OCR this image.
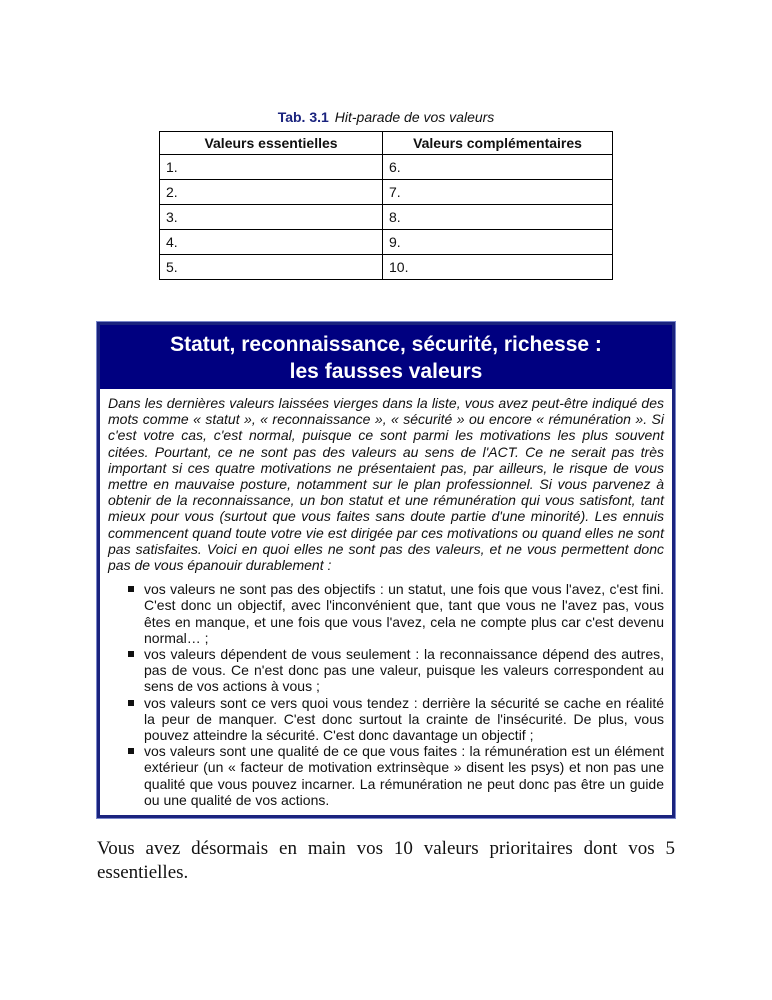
Tab. 3.1 Hit-parade de vos valeurs
Valeurs essentielles	Valeurs complémentaires
1.	6.
2.	7.
3.	8.
4.	9.
5.	10.
Statut, reconnaissance, sécurité, richesse :
les fausses valeurs

Dans les dernières valeurs laissées vierges dans la liste, vous avez peut-être indiqué des mots comme « statut », « reconnaissance », « sécurité » ou encore « rémunération ». Si c'est votre cas, c'est normal, puisque ce sont parmi les motivations les plus souvent citées. Pourtant, ce ne sont pas des valeurs au sens de l'ACT. Ce ne serait pas très important si ces quatre motivations ne présentaient pas, par ailleurs, le risque de vous mettre en mauvaise posture, notamment sur le plan professionnel. Si vous parvenez à obtenir de la reconnaissance, un bon statut et une rémunération qui vous satisfont, tant mieux pour vous (surtout que vous faites sans doute partie d'une minorité). Les ennuis commencent quand toute votre vie est dirigée par ces motivations ou quand elles ne sont pas satisfaites. Voici en quoi elles ne sont pas des valeurs, et ne vous permettent donc pas de vous épanouir durablement :

vos valeurs ne sont pas des objectifs : un statut, une fois que vous l'avez, c'est fini. C'est donc un objectif, avec l'inconvénient que, tant que vous ne l'avez pas, vous êtes en manque, et une fois que vous l'avez, cela ne compte plus car c'est devenu normal… ;
vos valeurs dépendent de vous seulement : la reconnaissance dépend des autres, pas de vous. Ce n'est donc pas une valeur, puisque les valeurs correspondent au sens de vos actions à vous ;
vos valeurs sont ce vers quoi vous tendez : derrière la sécurité se cache en réalité la peur de manquer. C'est donc surtout la crainte de l'insécurité. De plus, vous pouvez atteindre la sécurité. C'est donc davantage un objectif ;
vos valeurs sont une qualité de ce que vous faites : la rémunération est un élément extérieur (un « facteur de motivation extrinsèque » disent les psys) et non pas une qualité que vous pouvez incarner. La rémunération ne peut donc pas être un guide ou une qualité de vos actions.

Vous avez désormais en main vos 10 valeurs prioritaires dont vos 5 essentielles.
